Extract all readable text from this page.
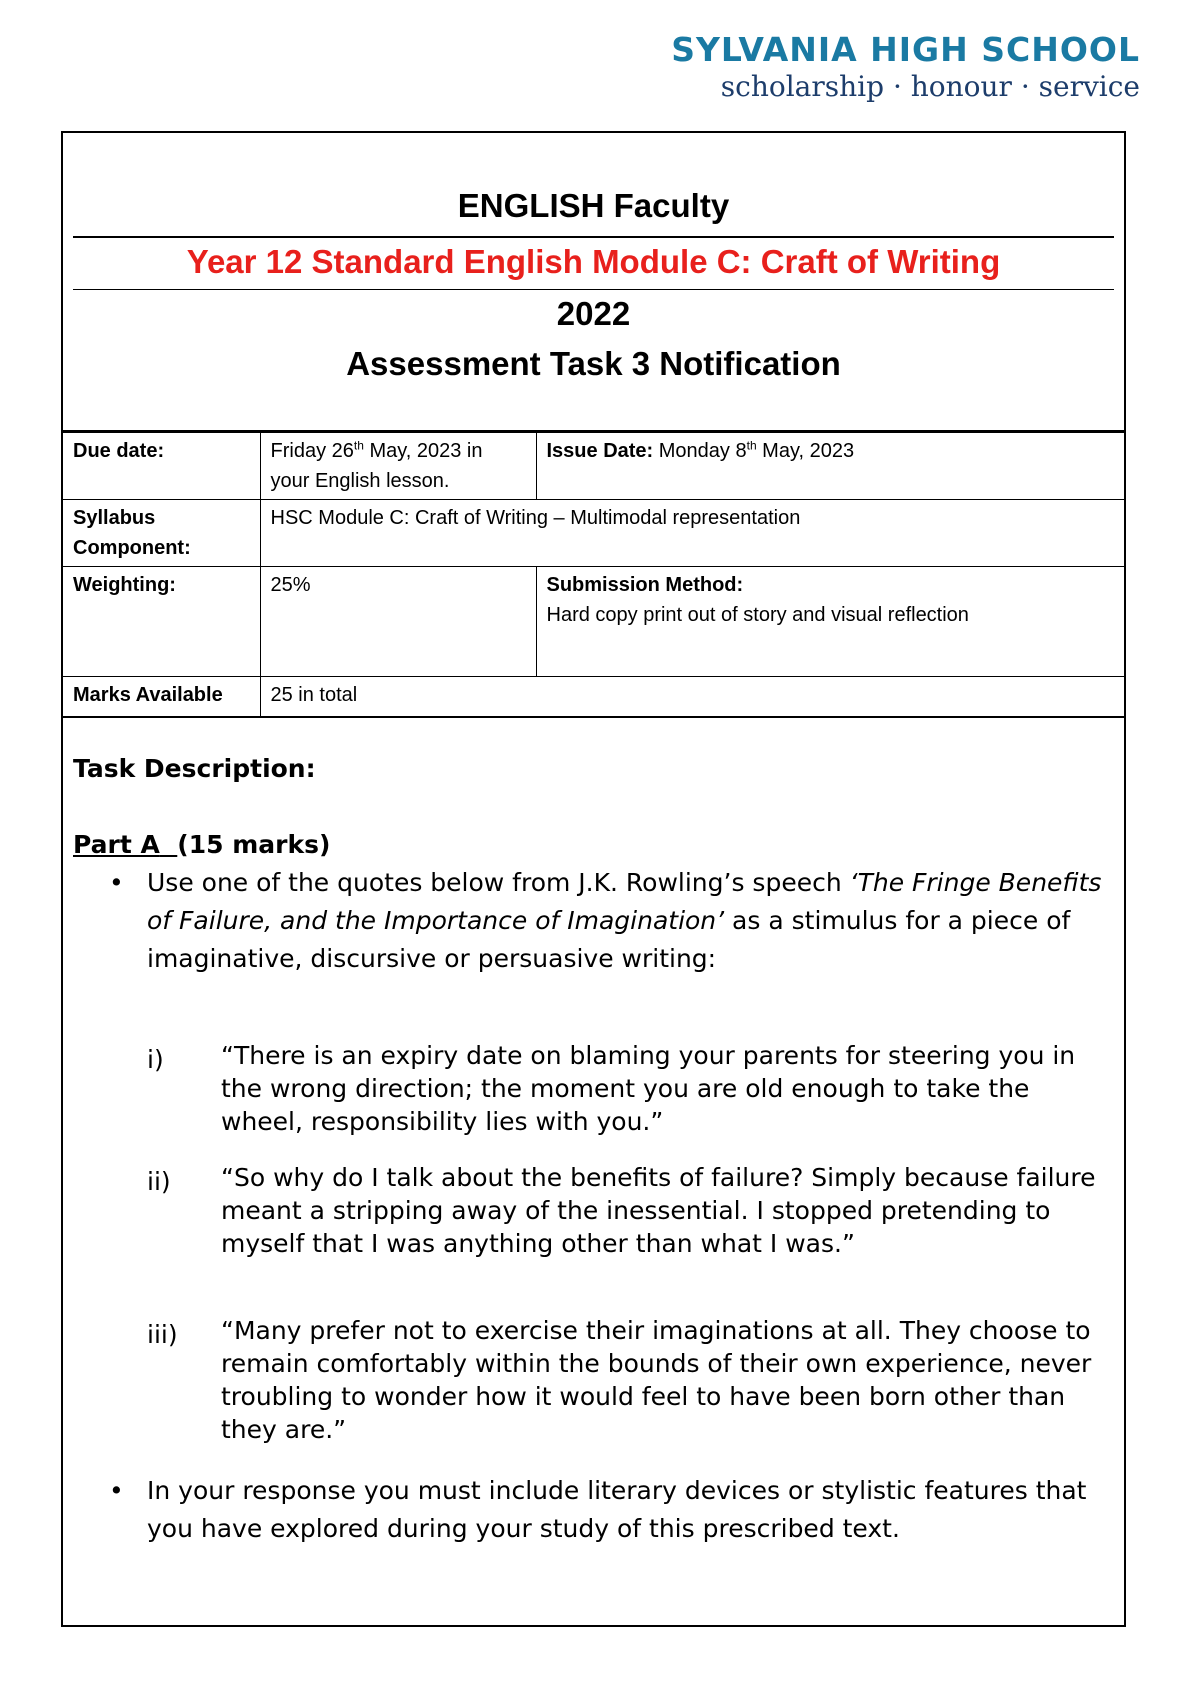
SYLVANIA HIGH SCHOOL
scholarship · honour · service
ENGLISH Faculty
Year 12 Standard English Module C: Craft of Writing
2022
Assessment Task 3 Notification
Due date:	Friday 26th May, 2023 in your English lesson.	Issue Date: Monday 8th May, 2023
Syllabus Component:	HSC Module C: Craft of Writing – Multimodal representation	
Weighting:	25%	Submission Method:
Hard copy print out of story and visual reflection

Marks Available	25 in total	
Task Description:
Part A (15 marks)
• Use one of the quotes below from J.K. Rowling’s speech ‘The Fringe Benefits of Failure, and the Importance of Imagination’ as a stimulus for a piece of imaginative, discursive or persuasive writing:
i) “There is an expiry date on blaming your parents for steering you in the wrong direction; the moment you are old enough to take the wheel, responsibility lies with you.”
ii) “So why do I talk about the benefits of failure? Simply because failure meant a stripping away of the inessential. I stopped pretending to myself that I was anything other than what I was.”
iii) “Many prefer not to exercise their imaginations at all. They choose to remain comfortably within the bounds of their own experience, never troubling to wonder how it would feel to have been born other than they are.”
• In your response you must include literary devices or stylistic features that you have explored during your study of this prescribed text.
